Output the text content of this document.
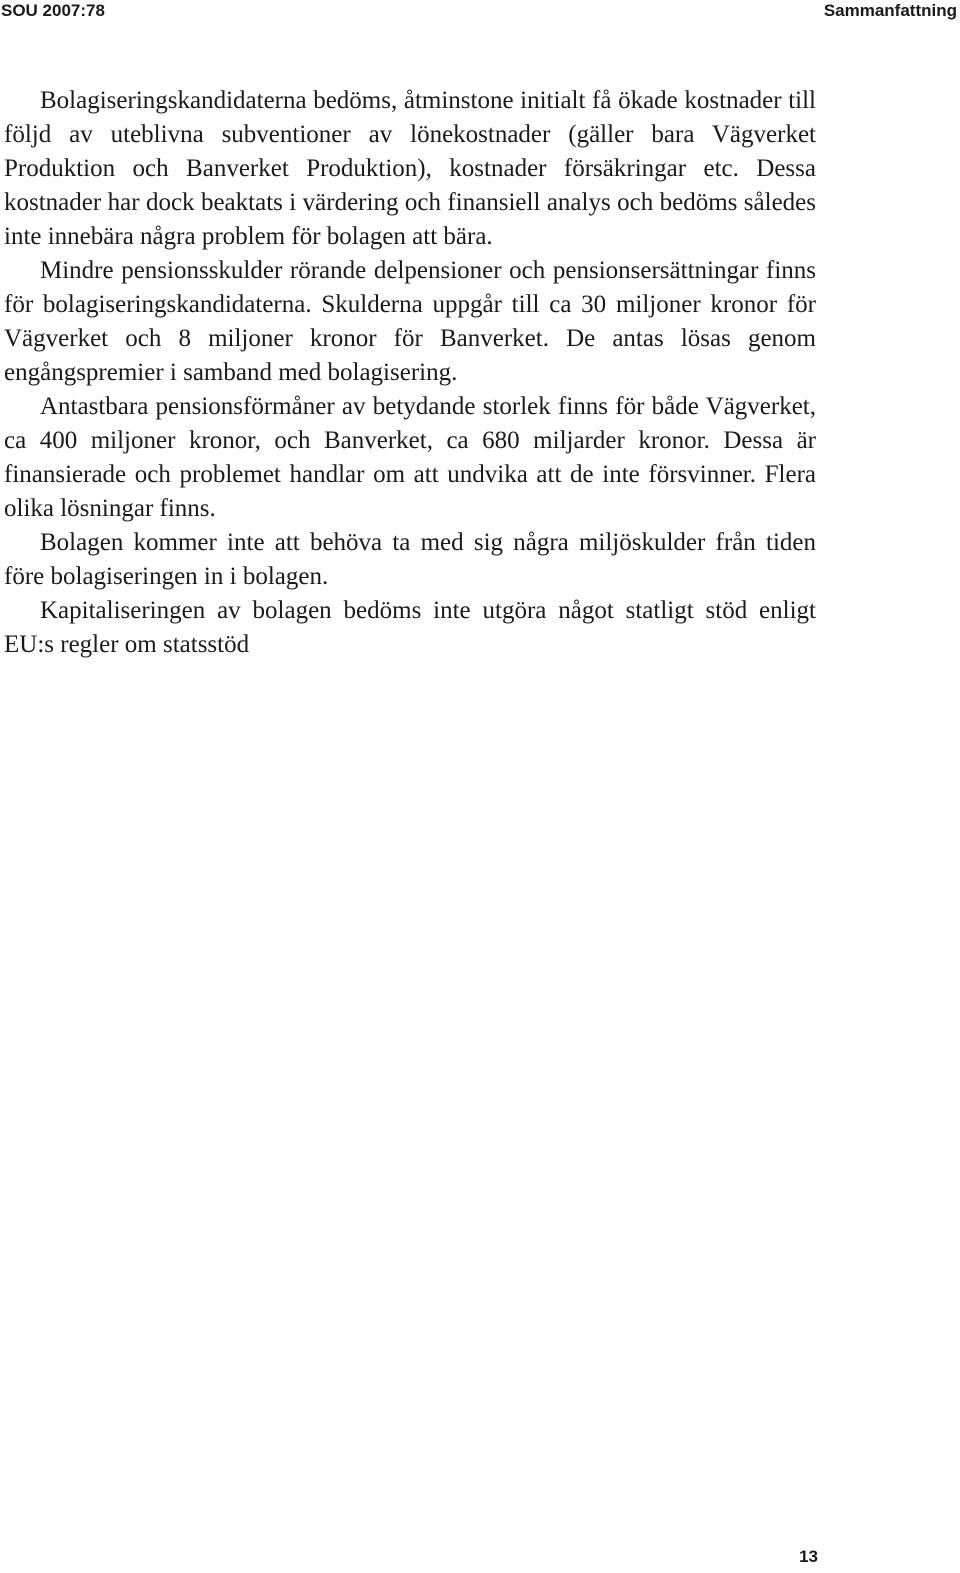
SOU 2007:78	Sammanfattning

Bolagiseringskandidaterna bedöms, åtminstone initialt få ökade kostnader till följd av uteblivna subventioner av lönekostnader (gäller bara Vägverket Produktion och Banverket Produktion), kostnader försäkringar etc. Dessa kostnader har dock beaktats i värdering och finansiell analys och bedöms således inte innebära några problem för bolagen att bära.

Mindre pensionsskulder rörande delpensioner och pensionsersättningar finns för bolagiseringskandidaterna. Skulderna uppgår till ca 30 miljoner kronor för Vägverket och 8 miljoner kronor för Banverket. De antas lösas genom engångspremier i samband med bolagisering.

Antastbara pensionsförmåner av betydande storlek finns för både Vägverket, ca 400 miljoner kronor, och Banverket, ca 680 miljarder kronor. Dessa är finansierade och problemet handlar om att undvika att de inte försvinner. Flera olika lösningar finns.

Bolagen kommer inte att behöva ta med sig några miljöskulder från tiden före bolagiseringen in i bolagen.

Kapitaliseringen av bolagen bedöms inte utgöra något statligt stöd enligt EU:s regler om statsstöd

13
